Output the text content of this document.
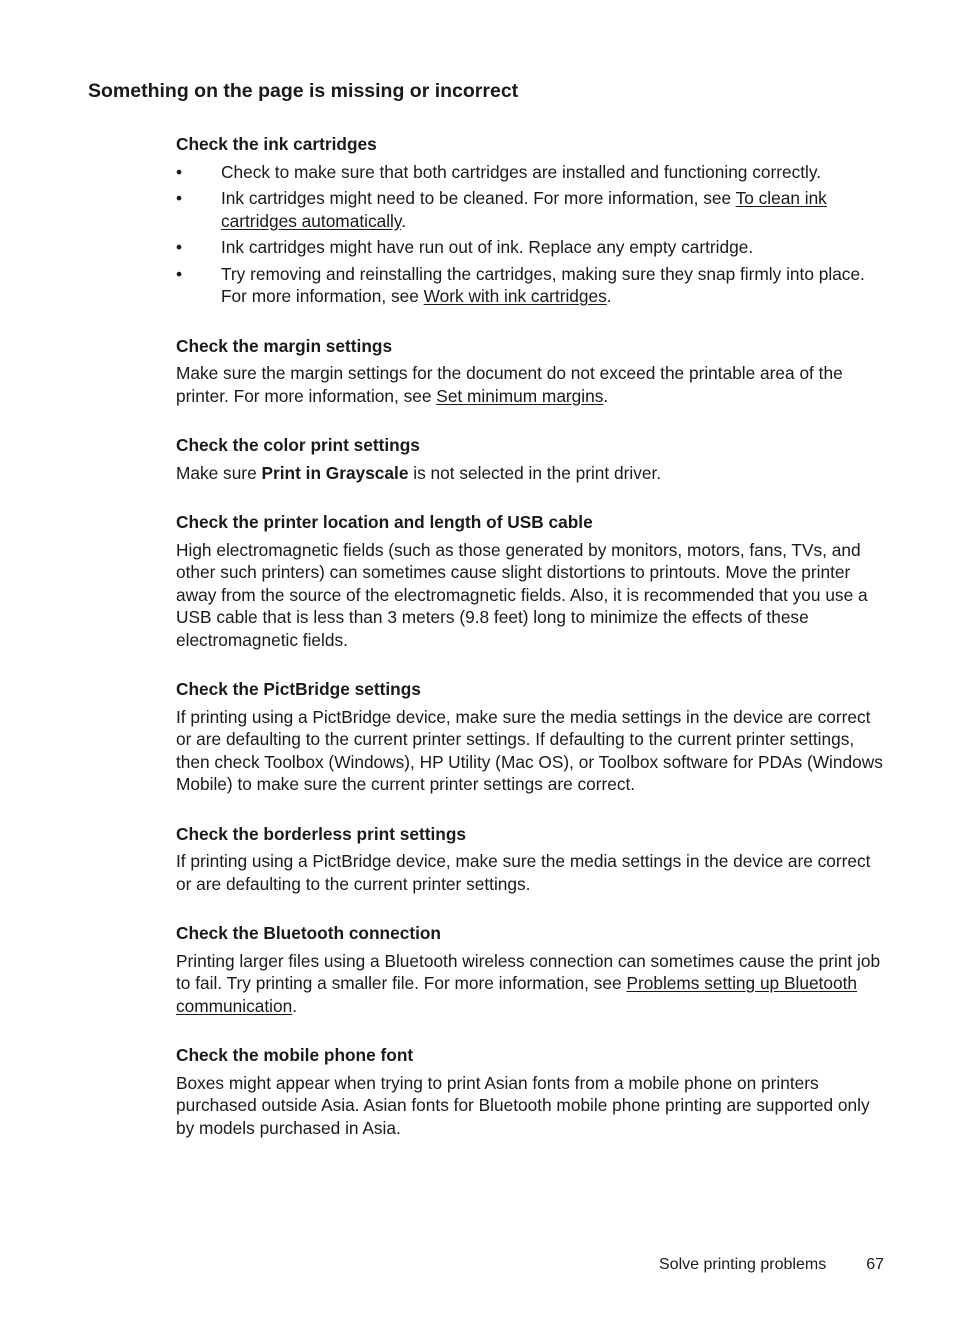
Something on the page is missing or incorrect
Check the ink cartridges
• Check to make sure that both cartridges are installed and functioning correctly.
• Ink cartridges might need to be cleaned. For more information, see To clean ink cartridges automatically.
• Ink cartridges might have run out of ink. Replace any empty cartridge.
• Try removing and reinstalling the cartridges, making sure they snap firmly into place. For more information, see Work with ink cartridges.
Check the margin settings

Make sure the margin settings for the document do not exceed the printable area of the printer. For more information, see Set minimum margins.

Check the color print settings

Make sure Print in Grayscale is not selected in the print driver.

Check the printer location and length of USB cable

High electromagnetic fields (such as those generated by monitors, motors, fans, TVs, and other such printers) can sometimes cause slight distortions to printouts. Move the printer away from the source of the electromagnetic fields. Also, it is recommended that you use a USB cable that is less than 3 meters (9.8 feet) long to minimize the effects of these electromagnetic fields.

Check the PictBridge settings

If printing using a PictBridge device, make sure the media settings in the device are correct or are defaulting to the current printer settings. If defaulting to the current printer settings, then check Toolbox (Windows), HP Utility (Mac OS), or Toolbox software for PDAs (Windows Mobile) to make sure the current printer settings are correct.

Check the borderless print settings

If printing using a PictBridge device, make sure the media settings in the device are correct or are defaulting to the current printer settings.

Check the Bluetooth connection

Printing larger files using a Bluetooth wireless connection can sometimes cause the print job to fail. Try printing a smaller file. For more information, see Problems setting up Bluetooth communication.

Check the mobile phone font

Boxes might appear when trying to print Asian fonts from a mobile phone on printers purchased outside Asia. Asian fonts for Bluetooth mobile phone printing are supported only by models purchased in Asia.

Solve printing problems	67
